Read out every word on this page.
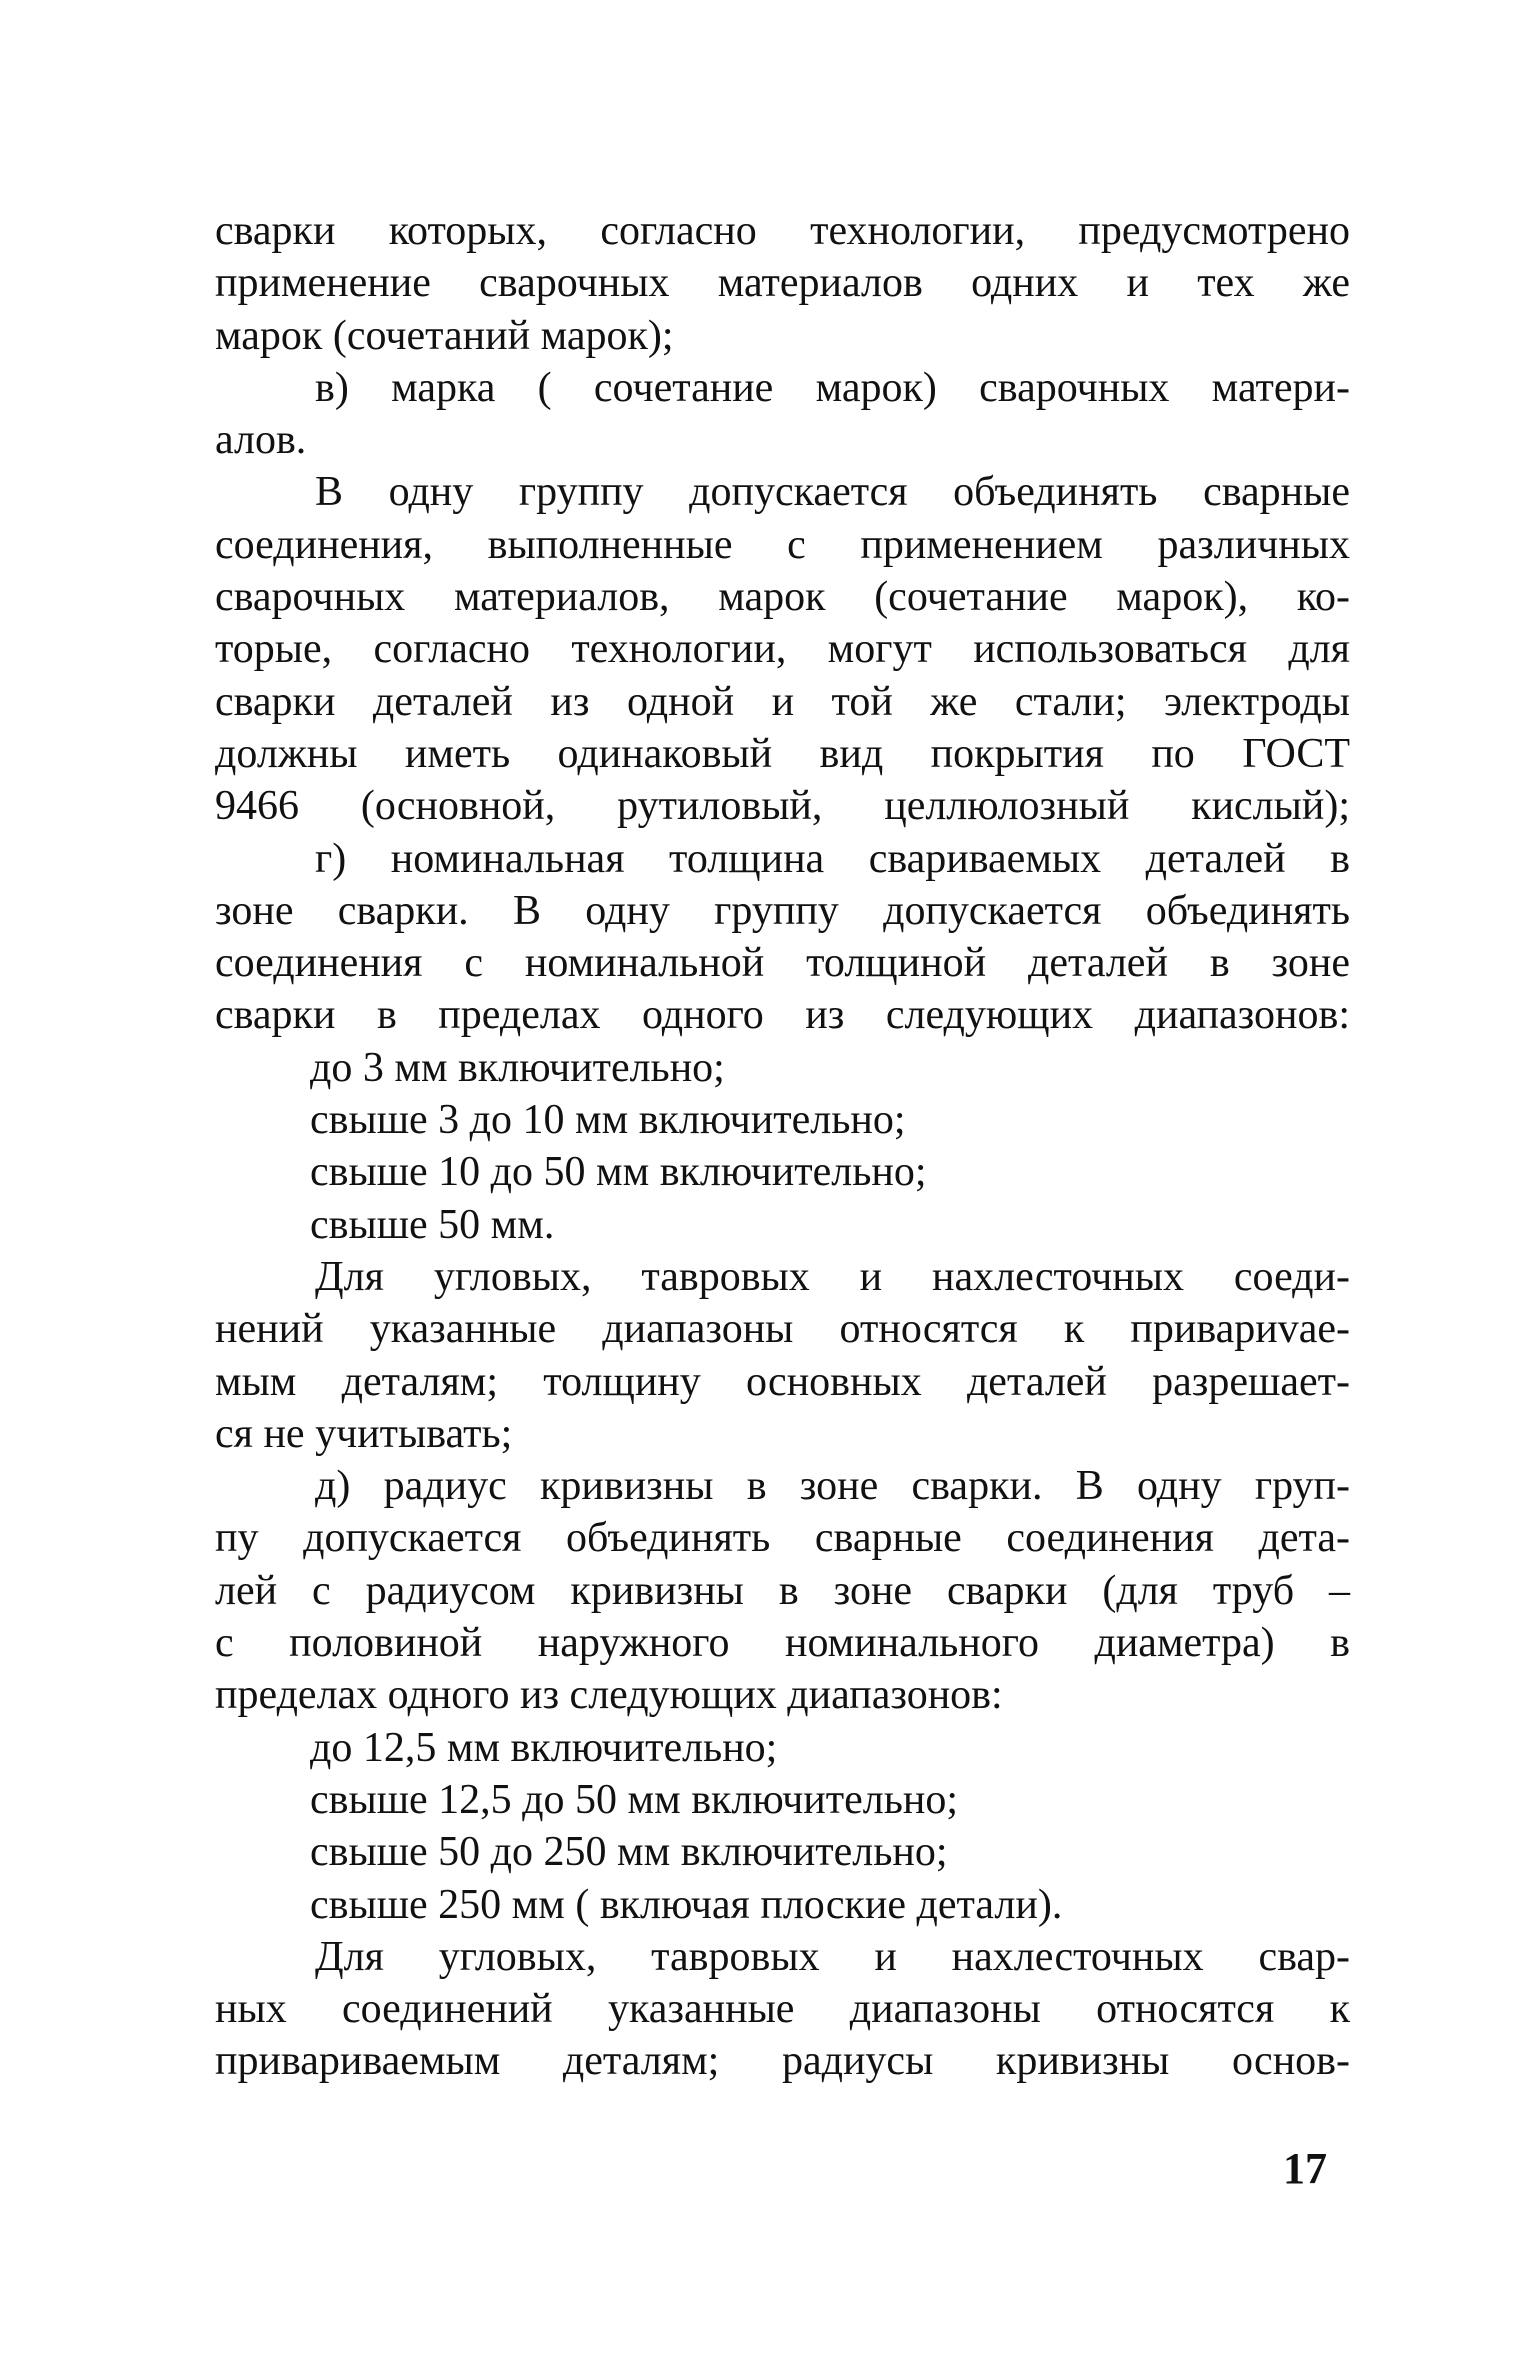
сварки которых, согласно технологии, предусмотрено
применение сварочных материалов одних и тех же
марок (сочетаний марок);
в) марка ( сочетание марок) сварочных матери-
алов.
В одну группу допускается объединять сварные
соединения, выполненные с применением различных
сварочных материалов, марок (сочетание марок), ко-
торые, согласно технологии, могут использоваться для
сварки деталей из одной и той же стали; электроды
должны иметь одинаковый вид покрытия по ГОСТ
9466 (основной, рутиловый, целлюлозный кислый);
г) номинальная толщина свариваемых деталей в
зоне сварки. В одну группу допускается объединять
соединения с номинальной толщиной деталей в зоне
сварки в пределах одного из следующих диапазонов:
до 3 мм включительно;
свыше 3 до 10 мм включительно;
свыше 10 до 50 мм включительно;
свыше 50 мм.
Для угловых, тавровых и нахлесточных соеди-
нений указанные диапазоны относятся к привариvae-
мым деталям; толщину основных деталей разрешает-
ся не учитывать;
д) радиус кривизны в зоне сварки. В одну груп-
пу допускается объединять сварные соединения дета-
лей с радиусом кривизны в зоне сварки (для труб –
с половиной наружного номинального диаметра) в
пределах одного из следующих диапазонов:
до 12,5 мм включительно;
свыше 12,5 до 50 мм включительно;
свыше 50 до 250 мм включительно;
свыше 250 мм ( включая плоские детали).
Для угловых, тавровых и нахлесточных свар-
ных соединений указанные диапазоны относятся к
привариваемым деталям; радиусы кривизны основ-
17
